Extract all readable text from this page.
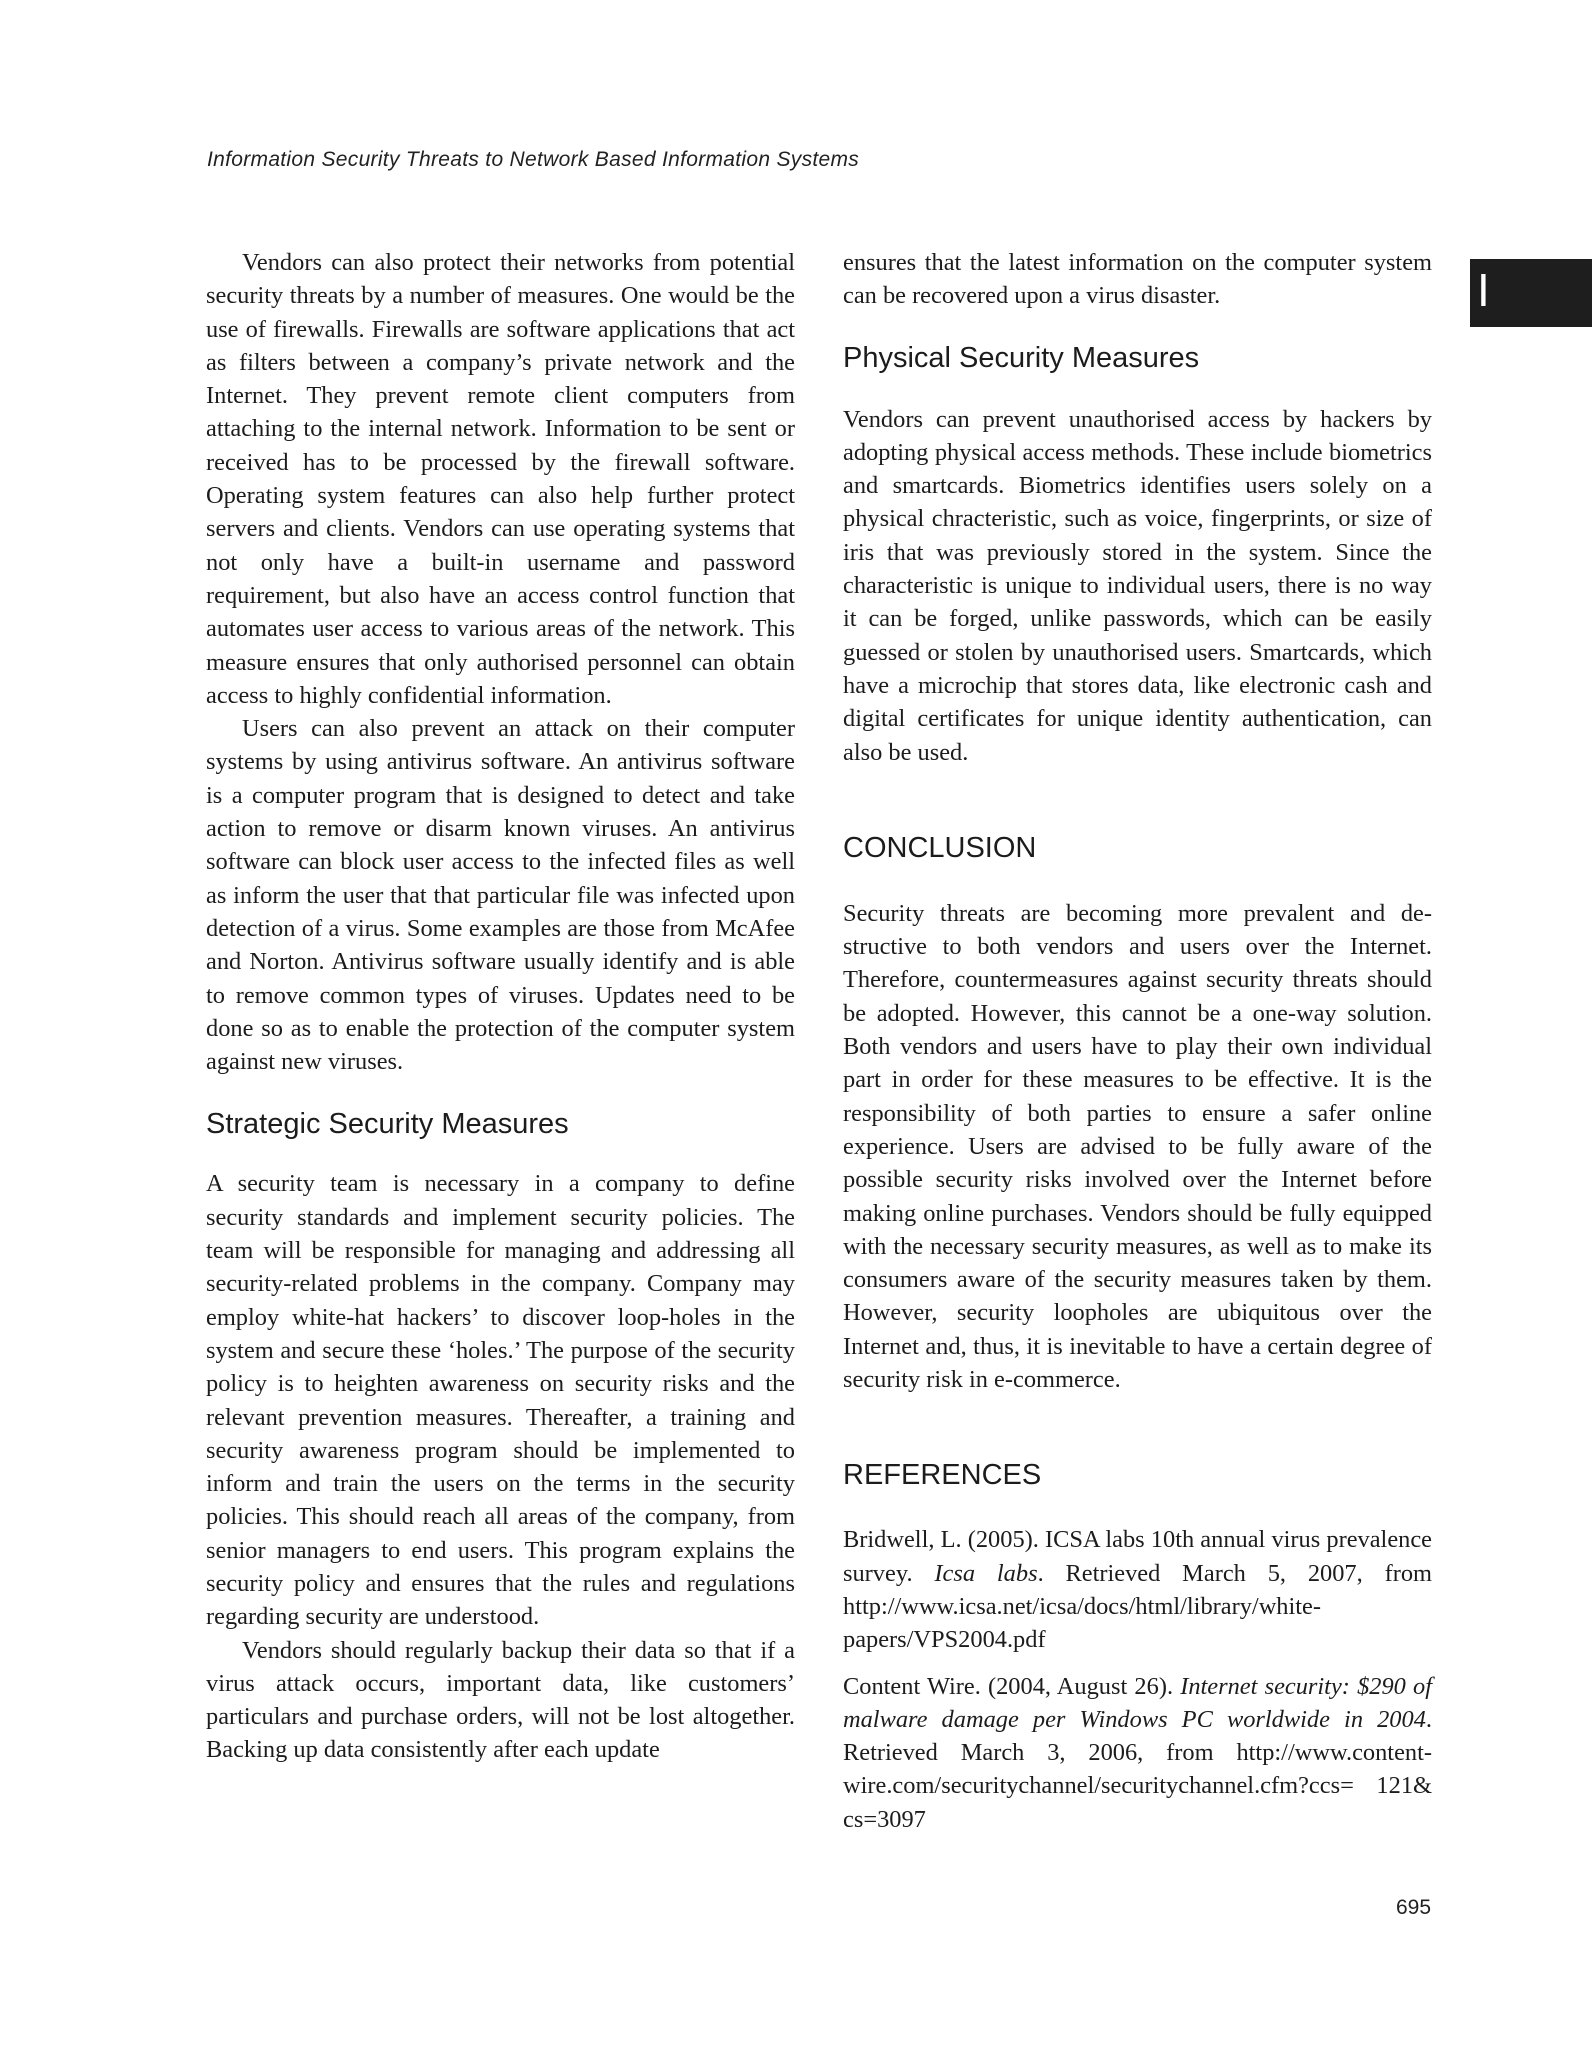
Information Security Threats to Network Based Information Systems
I

Vendors can also protect their networks from potential security threats by a number of measures. One would be the use of firewalls. Firewalls are software applications that act as filters between a company’s private network and the Internet. They prevent remote client computers from attaching to the internal network. Information to be sent or received has to be processed by the firewall software. Operating system features can also help further protect servers and clients. Vendors can use operating systems that not only have a built-in username and password requirement, but also have an access control function that automates user access to various areas of the network. This measure ensures that only authorised personnel can obtain access to highly confidential information.

Users can also prevent an attack on their computer systems by using antivirus software. An antivirus software is a computer program that is designed to detect and take action to remove or disarm known viruses. An antivirus software can block user access to the infected files as well as inform the user that that particular file was infected upon detection of a virus. Some examples are those from McAfee and Norton. Antivirus software usually identify and is able to remove common types of viruses. Updates need to be done so as to enable the protection of the computer system against new viruses.

Strategic Security Measures

A security team is necessary in a company to define security standards and implement security policies. The team will be responsible for managing and addressing all security-related problems in the company. Company may employ white-hat hackers’ to discover loop-holes in the system and secure these ‘holes.’ The purpose of the security policy is to heighten awareness on security risks and the relevant prevention measures. Thereafter, a training and security awareness program should be implemented to inform and train the users on the terms in the security policies. This should reach all areas of the company, from senior managers to end users. This program explains the security policy and ensures that the rules and regulations regarding security are understood.

Vendors should regularly backup their data so that if a virus attack occurs, important data, like customers’ particulars and purchase orders, will not be lost altogether. Backing up data consistently after each update

ensures that the latest information on the computer system can be recovered upon a virus disaster.

Physical Security Measures

Vendors can prevent unauthorised access by hackers by adopting physical access methods. These include biometrics and smartcards. Biometrics identifies users solely on a physical chracteristic, such as voice, fingerprints, or size of iris that was previously stored in the system. Since the characteristic is unique to individual users, there is no way it can be forged, unlike passwords, which can be easily guessed or stolen by unauthorised users. Smartcards, which have a microchip that stores data, like electronic cash and digital certificates for unique identity authentication, can also be used.

CONCLUSION

Security threats are becoming more prevalent and destructive to both vendors and users over the Internet. Therefore, countermeasures against security threats should be adopted. However, this cannot be a one-way solution. Both vendors and users have to play their own individual part in order for these measures to be effective. It is the responsibility of both parties to ensure a safer online experience. Users are advised to be fully aware of the possible security risks involved over the Internet before making online purchases. Vendors should be fully equipped with the necessary security measures, as well as to make its consumers aware of the security measures taken by them. However, security loopholes are ubiquitous over the Internet and, thus, it is inevitable to have a certain degree of security risk in e-commerce.

REFERENCES

Bridwell, L. (2005). ICSA labs 10th annual virus prevalence survey. Icsa labs. Retrieved March 5, 2007, from http://www.icsa.net/icsa/docs/html/library/white-papers/VPS2004.pdf

Content Wire. (2004, August 26). Internet security: $290 of malware damage per Windows PC worldwide in 2004. Retrieved March 3, 2006, from http://www.content-wire.com/securitychannel/securitychannel.cfm?ccs= 121& cs=3097

695
